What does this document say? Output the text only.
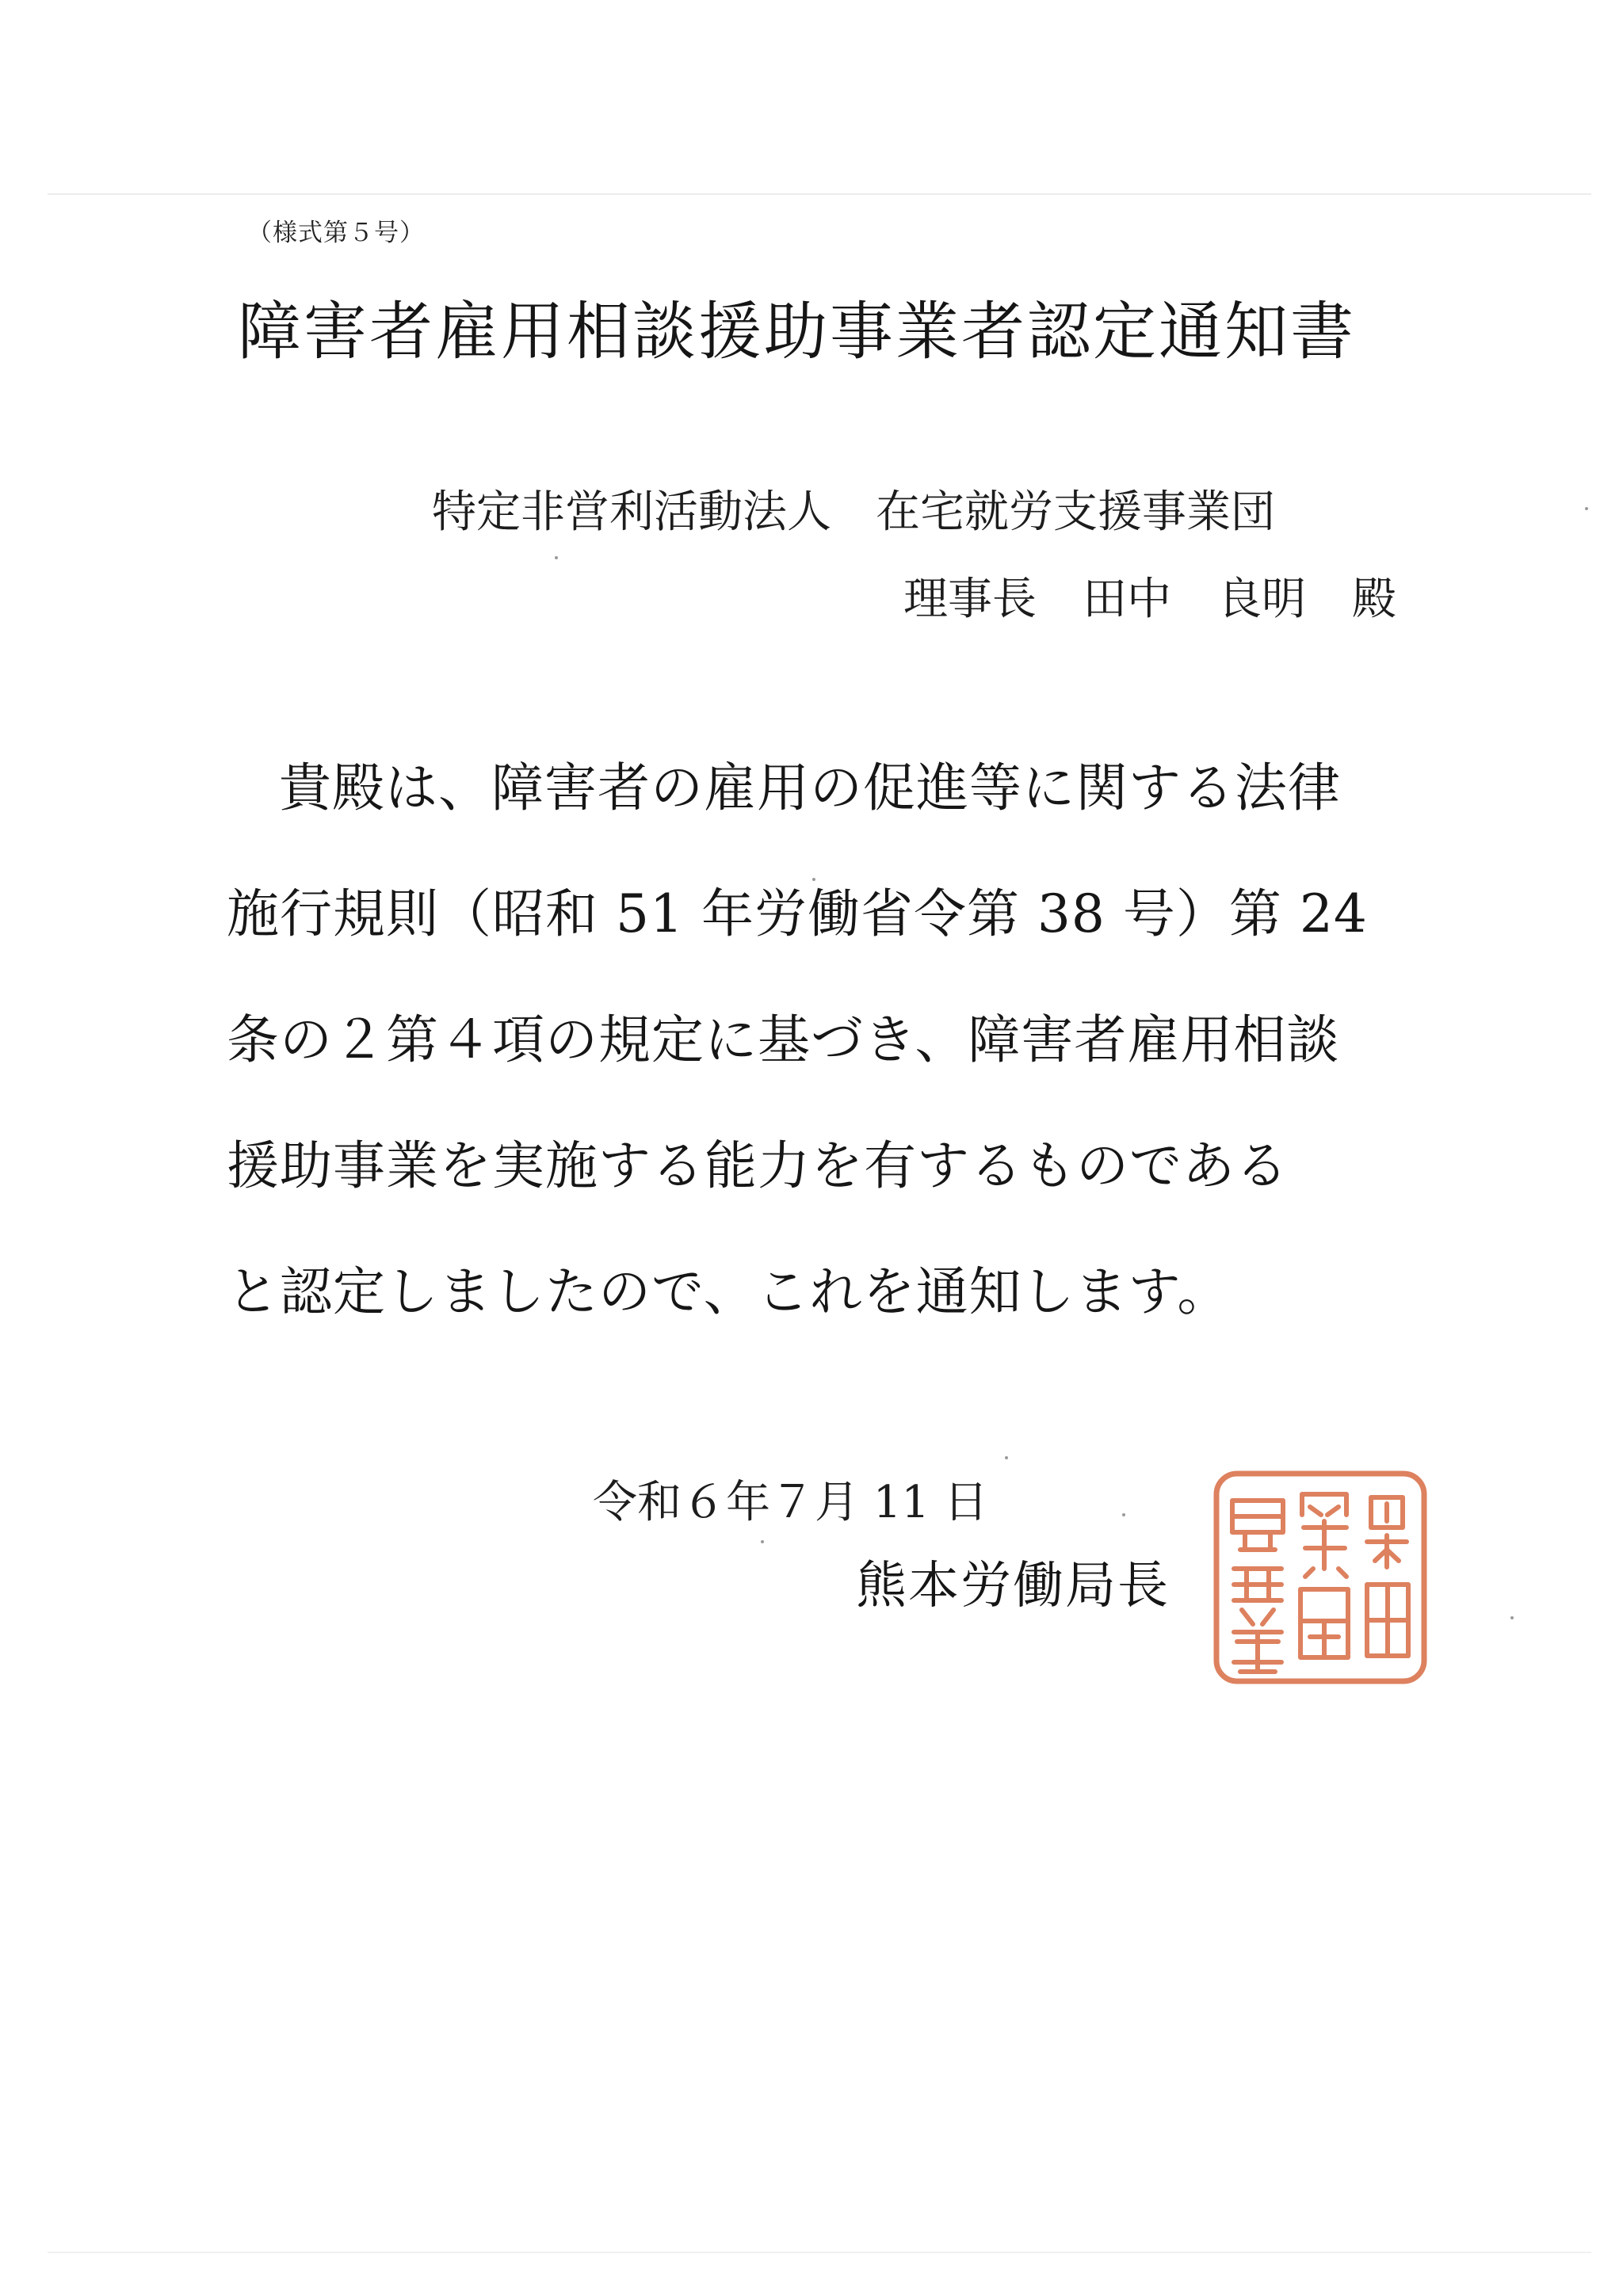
（様式第５号）
障害者雇用相談援助事業者認定通知書
特定非営利活動法人 在宅就労支援事業団
理事長 田中 良明 殿
貴殿は、障害者の雇用の促進等に関する法律
施行規則（昭和 51 年労働省令第 38 号）第 24
条の２第４項の規定に基づき、障害者雇用相談
援助事業を実施する能力を有するものである
と認定しましたので、これを通知します。
令和６年７月 11 日
熊本労働局長
